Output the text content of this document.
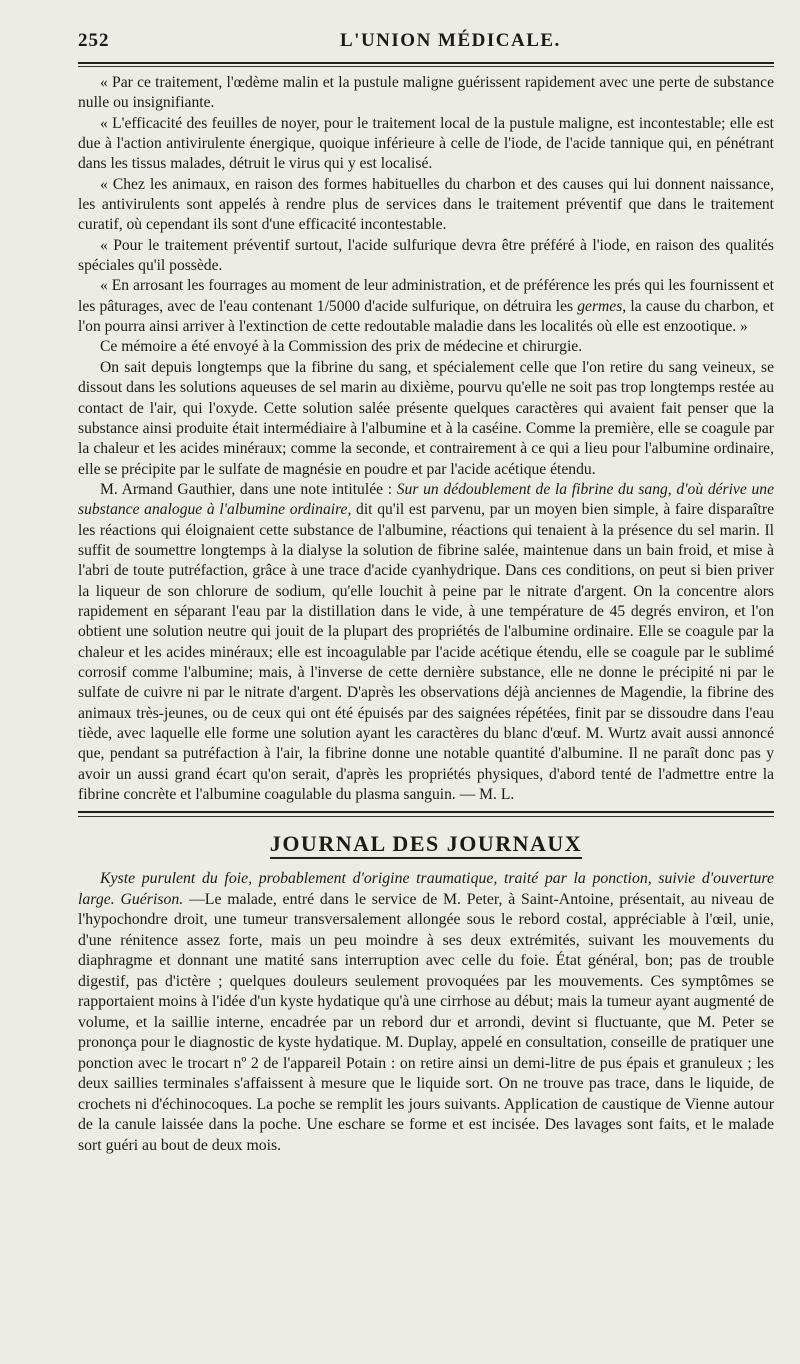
252	L'UNION MÉDICALE.

« Par ce traitement, l'œdème malin et la pustule maligne guérissent rapidement avec une perte de substance nulle ou insignifiante.

« L'efficacité des feuilles de noyer, pour le traitement local de la pustule maligne, est incontestable; elle est due à l'action antivirulente énergique, quoique inférieure à celle de l'iode, de l'acide tannique qui, en pénétrant dans les tissus malades, détruit le virus qui y est localisé.

« Chez les animaux, en raison des formes habituelles du charbon et des causes qui lui donnent naissance, les antivirulents sont appelés à rendre plus de services dans le traitement préventif que dans le traitement curatif, où cependant ils sont d'une efficacité incontestable.

« Pour le traitement préventif surtout, l'acide sulfurique devra être préféré à l'iode, en raison des qualités spéciales qu'il possède.

« En arrosant les fourrages au moment de leur administration, et de préférence les prés qui les fournissent et les pâturages, avec de l'eau contenant 1/5000 d'acide sulfurique, on détruira les germes, la cause du charbon, et l'on pourra ainsi arriver à l'extinction de cette redoutable maladie dans les localités où elle est enzootique. »

Ce mémoire a été envoyé à la Commission des prix de médecine et chirurgie.

On sait depuis longtemps que la fibrine du sang, et spécialement celle que l'on retire du sang veineux, se dissout dans les solutions aqueuses de sel marin au dixième, pourvu qu'elle ne soit pas trop longtemps restée au contact de l'air, qui l'oxyde. Cette solution salée présente quelques caractères qui avaient fait penser que la substance ainsi produite était intermédiaire à l'albumine et à la caséine. Comme la première, elle se coagule par la chaleur et les acides minéraux; comme la seconde, et contrairement à ce qui a lieu pour l'albumine ordinaire, elle se précipite par le sulfate de magnésie en poudre et par l'acide acétique étendu.

M. Armand Gauthier, dans une note intitulée : Sur un dédoublement de la fibrine du sang, d'où dérive une substance analogue à l'albumine ordinaire, dit qu'il est parvenu, par un moyen bien simple, à faire disparaître les réactions qui éloignaient cette substance de l'albumine, réactions qui tenaient à la présence du sel marin. Il suffit de soumettre longtemps à la dialyse la solution de fibrine salée, maintenue dans un bain froid, et mise à l'abri de toute putréfaction, grâce à une trace d'acide cyanhydrique. Dans ces conditions, on peut si bien priver la liqueur de son chlorure de sodium, qu'elle louchit à peine par le nitrate d'argent. On la concentre alors rapidement en séparant l'eau par la distillation dans le vide, à une température de 45 degrés environ, et l'on obtient une solution neutre qui jouit de la plupart des propriétés de l'albumine ordinaire. Elle se coagule par la chaleur et les acides minéraux; elle est incoagulable par l'acide acétique étendu, elle se coagule par le sublimé corrosif comme l'albumine; mais, à l'inverse de cette dernière substance, elle ne donne le précipité ni par le sulfate de cuivre ni par le nitrate d'argent. D'après les observations déjà anciennes de Magendie, la fibrine des animaux très-jeunes, ou de ceux qui ont été épuisés par des saignées répétées, finit par se dissoudre dans l'eau tiède, avec laquelle elle forme une solution ayant les caractères du blanc d'œuf. M. Wurtz avait aussi annoncé que, pendant sa putréfaction à l'air, la fibrine donne une notable quantité d'albumine. Il ne paraît donc pas y avoir un aussi grand écart qu'on serait, d'après les propriétés physiques, d'abord tenté de l'admettre entre la fibrine concrète et l'albumine coagulable du plasma sanguin. — M. L.

JOURNAL DES JOURNAUX

Kyste purulent du foie, probablement d'origine traumatique, traité par la ponction, suivie d'ouverture large. Guérison. —Le malade, entré dans le service de M. Peter, à Saint-Antoine, présentait, au niveau de l'hypochondre droit, une tumeur transversalement allongée sous le rebord costal, appréciable à l'œil, unie, d'une rénitence assez forte, mais un peu moindre à ses deux extrémités, suivant les mouvements du diaphragme et donnant une matité sans interruption avec celle du foie. État général, bon; pas de trouble digestif, pas d'ictère ; quelques douleurs seulement provoquées par les mouvements. Ces symptômes se rapportaient moins à l'idée d'un kyste hydatique qu'à une cirrhose au début; mais la tumeur ayant augmenté de volume, et la saillie interne, encadrée par un rebord dur et arrondi, devint si fluctuante, que M. Peter se prononça pour le diagnostic de kyste hydatique. M. Duplay, appelé en consultation, conseille de pratiquer une ponction avec le trocart nº 2 de l'appareil Potain : on retire ainsi un demi-litre de pus épais et granuleux ; les deux saillies terminales s'affaissent à mesure que le liquide sort. On ne trouve pas trace, dans le liquide, de crochets ni d'échinocoques. La poche se remplit les jours suivants. Application de caustique de Vienne autour de la canule laissée dans la poche. Une eschare se forme et est incisée. Des lavages sont faits, et le malade sort guéri au bout de deux mois.
